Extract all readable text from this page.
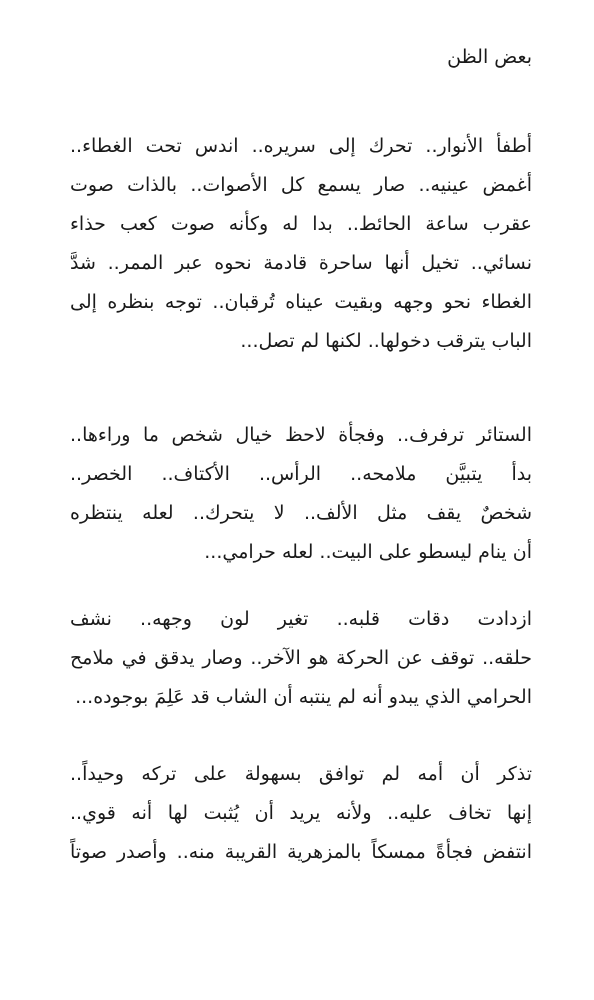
بعض الظن
أطفأ الأنوار.. تحرك إلى سريره.. اندس تحت الغطاء..
أغمض عينيه.. صار يسمع كل الأصوات.. بالذات صوت
عقرب ساعة الحائط.. بدا له وكأنه صوت كعب حذاء
نسائي.. تخيل أنها ساحرة قادمة نحوه عبر الممر.. شدَّ
الغطاء نحو وجهه وبقيت عيناه تُرقبان.. توجه بنظره إلى
الباب يترقب دخولها.. لكنها لم تصل...
الستائر ترفرف.. وفجأة لاحظ خيال شخص ما وراءها..
بدأ يتبيَّن ملامحه.. الرأس.. الأكتاف.. الخصر..
شخصٌ يقف مثل الألف.. لا يتحرك.. لعله ينتظره
أن ينام ليسطو على البيت.. لعله حرامي...
ازدادت دقات قلبه.. تغير لون وجهه.. نشف
حلقه.. توقف عن الحركة هو الآخر.. وصار يدقق في ملامح
الحرامي الذي يبدو أنه لم ينتبه أن الشاب قد عَلِمَ بوجوده...
تذكر أن أمه لم توافق بسهولة على تركه وحيداً..
إنها تخاف عليه.. ولأنه يريد أن يُثبت لها أنه قوي..
انتفض فجأةً ممسكاً بالمزهرية القريبة منه.. وأصدر صوتاً
